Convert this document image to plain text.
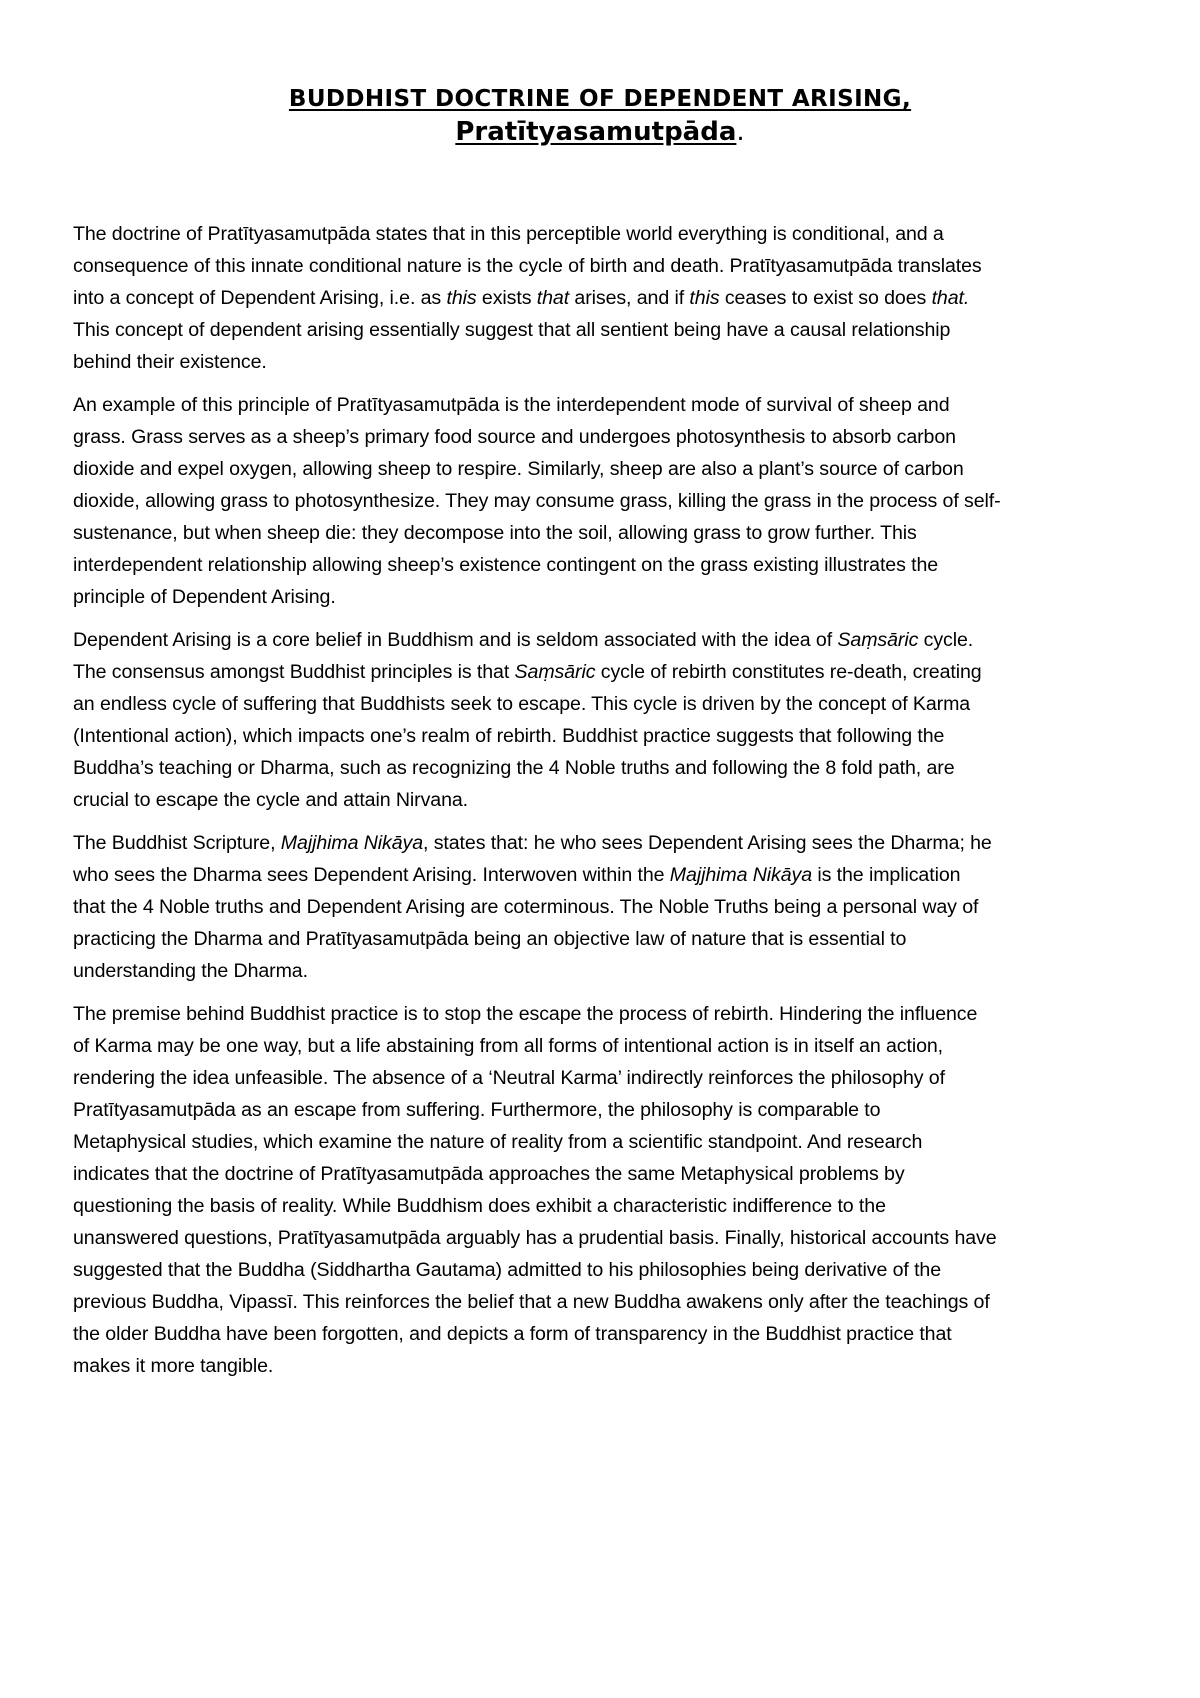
BUDDHIST DOCTRINE OF DEPENDENT ARISING,
Pratītyasamutpāda.

The doctrine of Pratītyasamutpāda states that in this perceptible world everything is conditional, and a
consequence of this innate conditional nature is the cycle of birth and death. Pratītyasamutpāda translates
into a concept of Dependent Arising, i.e. as this exists that arises, and if this ceases to exist so does that.
This concept of dependent arising essentially suggest that all sentient being have a causal relationship
behind their existence.

An example of this principle of Pratītyasamutpāda is the interdependent mode of survival of sheep and
grass. Grass serves as a sheep’s primary food source and undergoes photosynthesis to absorb carbon
dioxide and expel oxygen, allowing sheep to respire. Similarly, sheep are also a plant’s source of carbon
dioxide, allowing grass to photosynthesize. They may consume grass, killing the grass in the process of self-
sustenance, but when sheep die: they decompose into the soil, allowing grass to grow further. This
interdependent relationship allowing sheep’s existence contingent on the grass existing illustrates the
principle of Dependent Arising.

Dependent Arising is a core belief in Buddhism and is seldom associated with the idea of Saṃsāric cycle.
The consensus amongst Buddhist principles is that Saṃsāric cycle of rebirth constitutes re-death, creating
an endless cycle of suffering that Buddhists seek to escape. This cycle is driven by the concept of Karma
(Intentional action), which impacts one’s realm of rebirth. Buddhist practice suggests that following the
Buddha’s teaching or Dharma, such as recognizing the 4 Noble truths and following the 8 fold path, are
crucial to escape the cycle and attain Nirvana.

The Buddhist Scripture, Majjhima Nikāya, states that: he who sees Dependent Arising sees the Dharma; he
who sees the Dharma sees Dependent Arising. Interwoven within the Majjhima Nikāya is the implication
that the 4 Noble truths and Dependent Arising are coterminous. The Noble Truths being a personal way of
practicing the Dharma and Pratītyasamutpāda being an objective law of nature that is essential to
understanding the Dharma.

The premise behind Buddhist practice is to stop the escape the process of rebirth. Hindering the influence
of Karma may be one way, but a life abstaining from all forms of intentional action is in itself an action,
rendering the idea unfeasible. The absence of a ‘Neutral Karma’ indirectly reinforces the philosophy of
Pratītyasamutpāda as an escape from suffering. Furthermore, the philosophy is comparable to
Metaphysical studies, which examine the nature of reality from a scientific standpoint. And research
indicates that the doctrine of Pratītyasamutpāda approaches the same Metaphysical problems by
questioning the basis of reality. While Buddhism does exhibit a characteristic indifference to the
unanswered questions, Pratītyasamutpāda arguably has a prudential basis. Finally, historical accounts have
suggested that the Buddha (Siddhartha Gautama) admitted to his philosophies being derivative of the
previous Buddha, Vipassī. This reinforces the belief that a new Buddha awakens only after the teachings of
the older Buddha have been forgotten, and depicts a form of transparency in the Buddhist practice that
makes it more tangible.
